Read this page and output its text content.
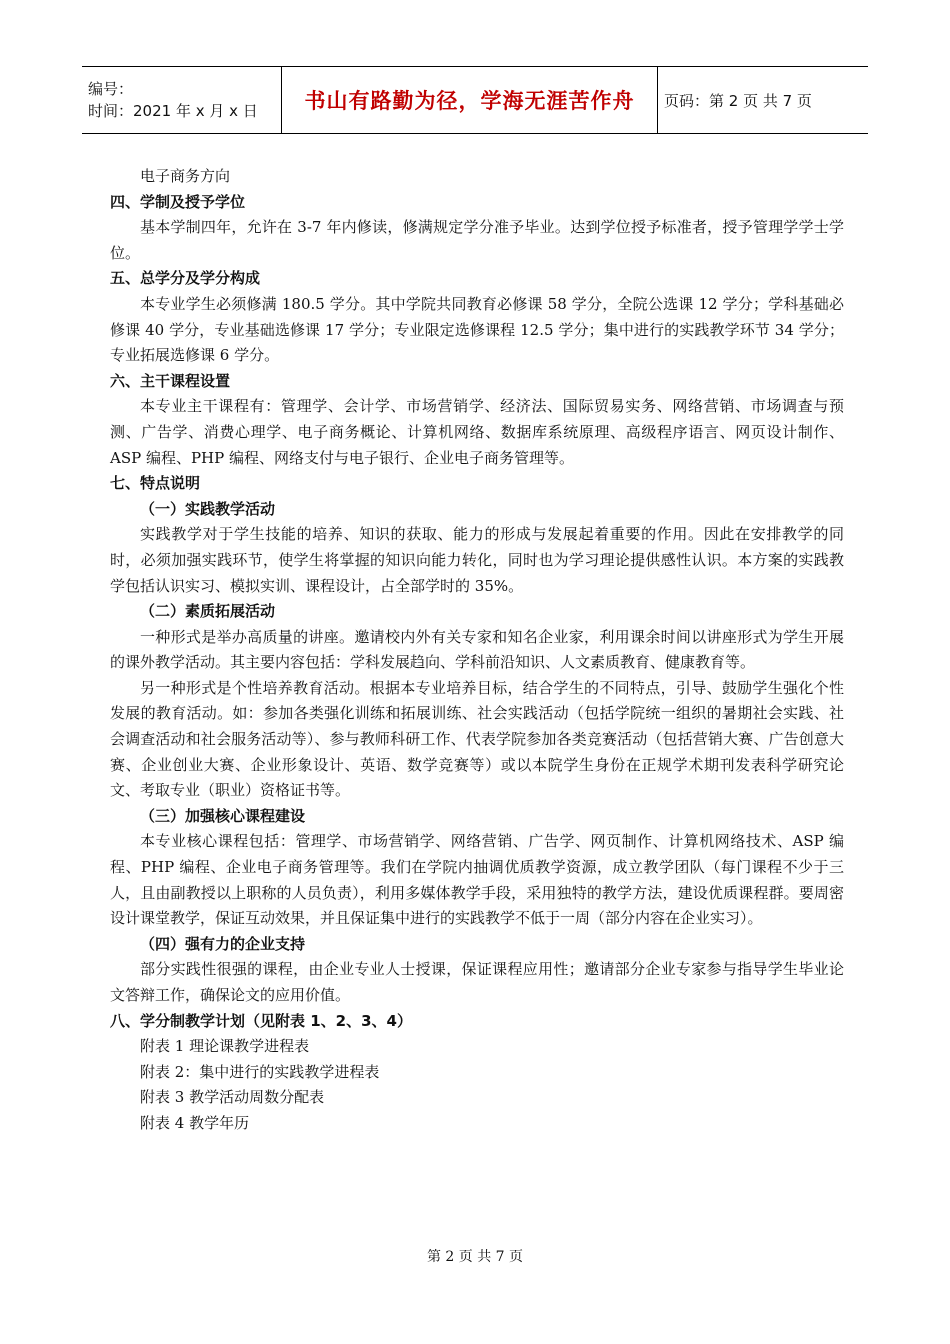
编号：
时间：2021 年 x 月 x 日	书山有路勤为径，学海无涯苦作舟 页码：第 2 页 共 7 页

电子商务方向

四、学制及授予学位

基本学制四年，允许在 3-7 年内修读，修满规定学分准予毕业。达到学位授予标准者，授予管理学学士学位。

五、总学分及学分构成

本专业学生必须修满 180.5 学分。其中学院共同教育必修课 58 学分，全院公选课 12 学分；学科基础必修课 40 学分，专业基础选修课 17 学分；专业限定选修课程 12.5 学分；集中进行的实践教学环节 34 学分；专业拓展选修课 6 学分。

六、主干课程设置

本专业主干课程有：管理学、会计学、市场营销学、经济法、国际贸易实务、网络营销、市场调查与预测、广告学、消费心理学、电子商务概论、计算机网络、数据库系统原理、高级程序语言、网页设计制作、ASP 编程、PHP 编程、网络支付与电子银行、企业电子商务管理等。

七、特点说明

（一）实践教学活动

实践教学对于学生技能的培养、知识的获取、能力的形成与发展起着重要的作用。因此在安排教学的同时，必须加强实践环节，使学生将掌握的知识向能力转化，同时也为学习理论提供感性认识。本方案的实践教学包括认识实习、模拟实训、课程设计，占全部学时的 35%。

（二）素质拓展活动

一种形式是举办高质量的讲座。邀请校内外有关专家和知名企业家，利用课余时间以讲座形式为学生开展的课外教学活动。其主要内容包括：学科发展趋向、学科前沿知识、人文素质教育、健康教育等。

另一种形式是个性培养教育活动。根据本专业培养目标，结合学生的不同特点，引导、鼓励学生强化个性发展的教育活动。如：参加各类强化训练和拓展训练、社会实践活动（包括学院统一组织的暑期社会实践、社会调查活动和社会服务活动等）、参与教师科研工作、代表学院参加各类竞赛活动（包括营销大赛、广告创意大赛、企业创业大赛、企业形象设计、英语、数学竞赛等）或以本院学生身份在正规学术期刊发表科学研究论文、考取专业（职业）资格证书等。

（三）加强核心课程建设

本专业核心课程包括：管理学、市场营销学、网络营销、广告学、网页制作、计算机网络技术、ASP 编程、PHP 编程、企业电子商务管理等。我们在学院内抽调优质教学资源，成立教学团队（每门课程不少于三人，且由副教授以上职称的人员负责），利用多媒体教学手段，采用独特的教学方法，建设优质课程群。要周密设计课堂教学，保证互动效果，并且保证集中进行的实践教学不低于一周（部分内容在企业实习）。

（四）强有力的企业支持

部分实践性很强的课程，由企业专业人士授课，保证课程应用性；邀请部分企业专家参与指导学生毕业论文答辩工作，确保论文的应用价值。

八、学分制教学计划（见附表 1、2、3、4）

附表 1 理论课教学进程表

附表 2：集中进行的实践教学进程表

附表 3 教学活动周数分配表

附表 4 教学年历

第 2 页 共 7 页
